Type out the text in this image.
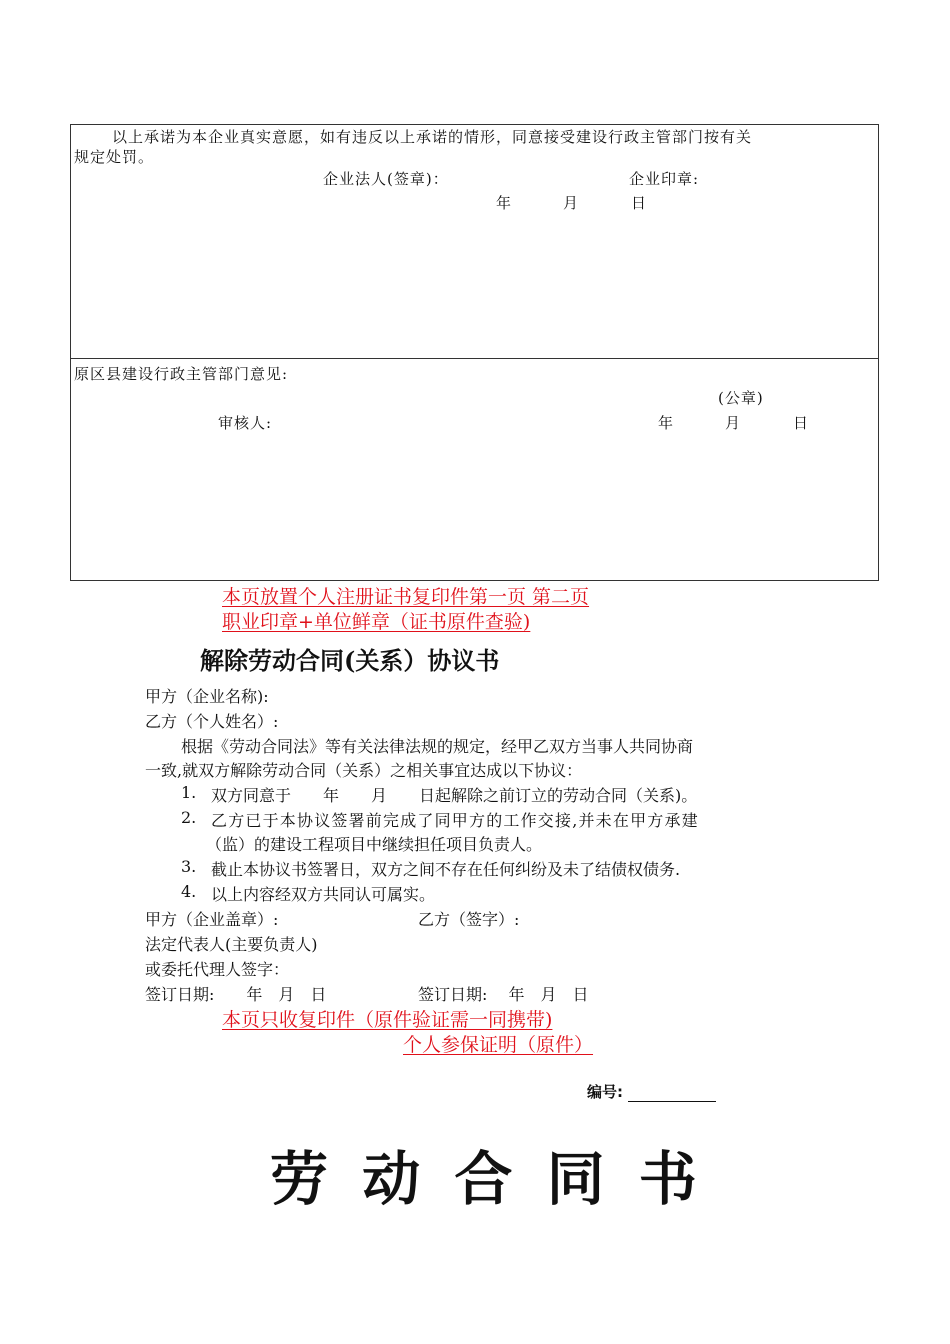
以上承诺为本企业真实意愿，如有违反以上承诺的情形，同意接受建设行政主管部门按有关
规定处罚。
企业法人(签章)：	企业印章:
年	月	日
原区县建设行政主管部门意见:
(公章)
审核人:	年	月	日
本页放置个人注册证书复印件第一页 第二页
职业印章+单位鲜章（证书原件查验)
解除劳动合同(关系）协议书
甲方（企业名称):
乙方（个人姓名）:
根据《劳动合同法》等有关法律法规的规定，经甲乙双方当事人共同协商
一致,就双方解除劳动合同（关系）之相关事宜达成以下协议：
1. 双方同意于　　年　　月　　日起解除之前订立的劳动合同（关系)。
2. 乙方已于本协议签署前完成了同甲方的工作交接,并未在甲方承建
（监）的建设工程项目中继续担任项目负责人。
3. 截止本协议书签署日，双方之间不存在任何纠纷及未了结债权债务.
4. 以上内容经双方共同认可属实。
甲方（企业盖章）:	乙方（签字）:
法定代表人(主要负责人)
或委托代理人签字：
签订日期:　　年　月　日	签订日期:　 年　月　日
本页只收复印件（原件验证需一同携带)
个人参保证明（原件）
编号:
劳 动 合 同 书
